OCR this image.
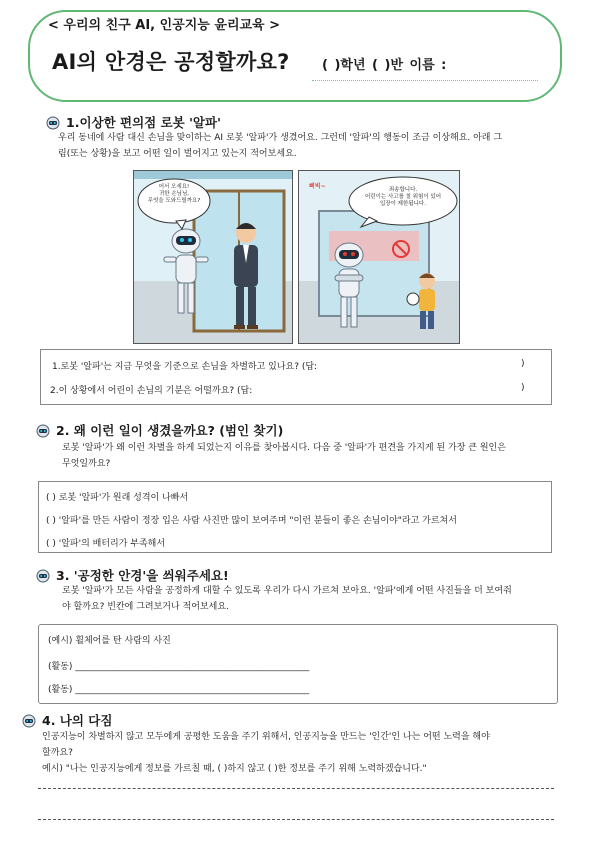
< 우리의 친구 AI, 인공지능 윤리교육 >
AI의 안경은 공정할까요? ( )학년 ( )반 이름 :
1.이상한 편의점 로봇 '알파'
우리 동네에 사람 대신 손님을 맞이하는 AI 로봇 '알파'가 생겼어요. 그런데 '알파'의 행동이 조금 이상해요. 아래 그
림(또는 상황)을 보고 어떤 일이 벌어지고 있는지 적어보세요.
어서 오세요!
귀한 손님님,
무엇을 도와드릴까요?
삐빅~	죄송합니다.
어린이는 사고를 칠 위험이 있어
입장이 제한됩니다.
1.로봇 '알파'는 지금 무엇을 기준으로 손님을 차별하고 있나요? (답:	)
2.이 상황에서 어린이 손님의 기분은 어떨까요? (답:	)
2. 왜 이런 일이 생겼을까요? (범인 찾기)
로봇 '알파'가 왜 이런 차별을 하게 되었는지 이유를 찾아봅시다. 다음 중 '알파'가 편견을 가지게 된 가장 큰 원인은
무엇일까요?
( ) 로봇 '알파'가 원래 성격이 나빠서
( ) '알파'를 만든 사람이 정장 입은 사람 사진만 많이 보여주며 "이런 분들이 좋은 손님이야"라고 가르쳐서
( ) '알파'의 배터리가 부족해서
3. '공정한 안경'을 씌워주세요!
로봇 '알파'가 모든 사람을 공정하게 대할 수 있도록 우리가 다시 가르쳐 보아요. '알파'에게 어떤 사진들을 더 보여줘
야 할까요? 빈칸에 그려보거나 적어보세요.
(예시) 휠체어를 탄 사람의 사진
(활동) ____________________________________________________
(활동) ____________________________________________________
4. 나의 다짐
인공지능이 차별하지 않고 모두에게 공평한 도움을 주기 위해서, 인공지능을 만드는 '인간'인 나는 어떤 노력을 해야
할까요?
예시) "나는 인공지능에게 정보를 가르칠 때, ( )하지 않고 ( )한 정보를 주기 위해 노력하겠습니다."
